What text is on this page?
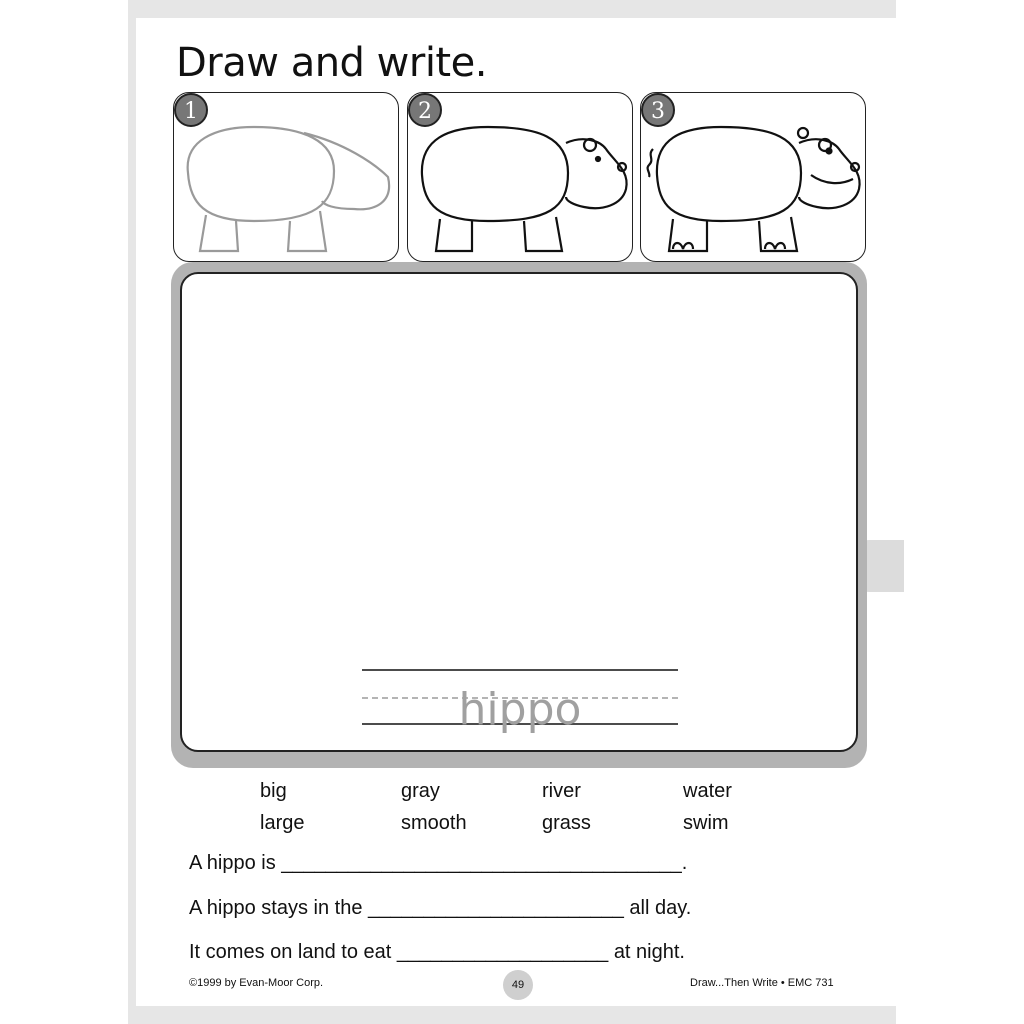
Draw and write.
1	2	3
hippo
big	gray	river	water
large	smooth	grass	swim
A hippo is ____________________________________.
A hippo stays in the _______________________ all day.
It comes on land to eat ___________________ at night.
©1999 by Evan-Moor Corp.	49	Draw...Then Write • EMC 731
